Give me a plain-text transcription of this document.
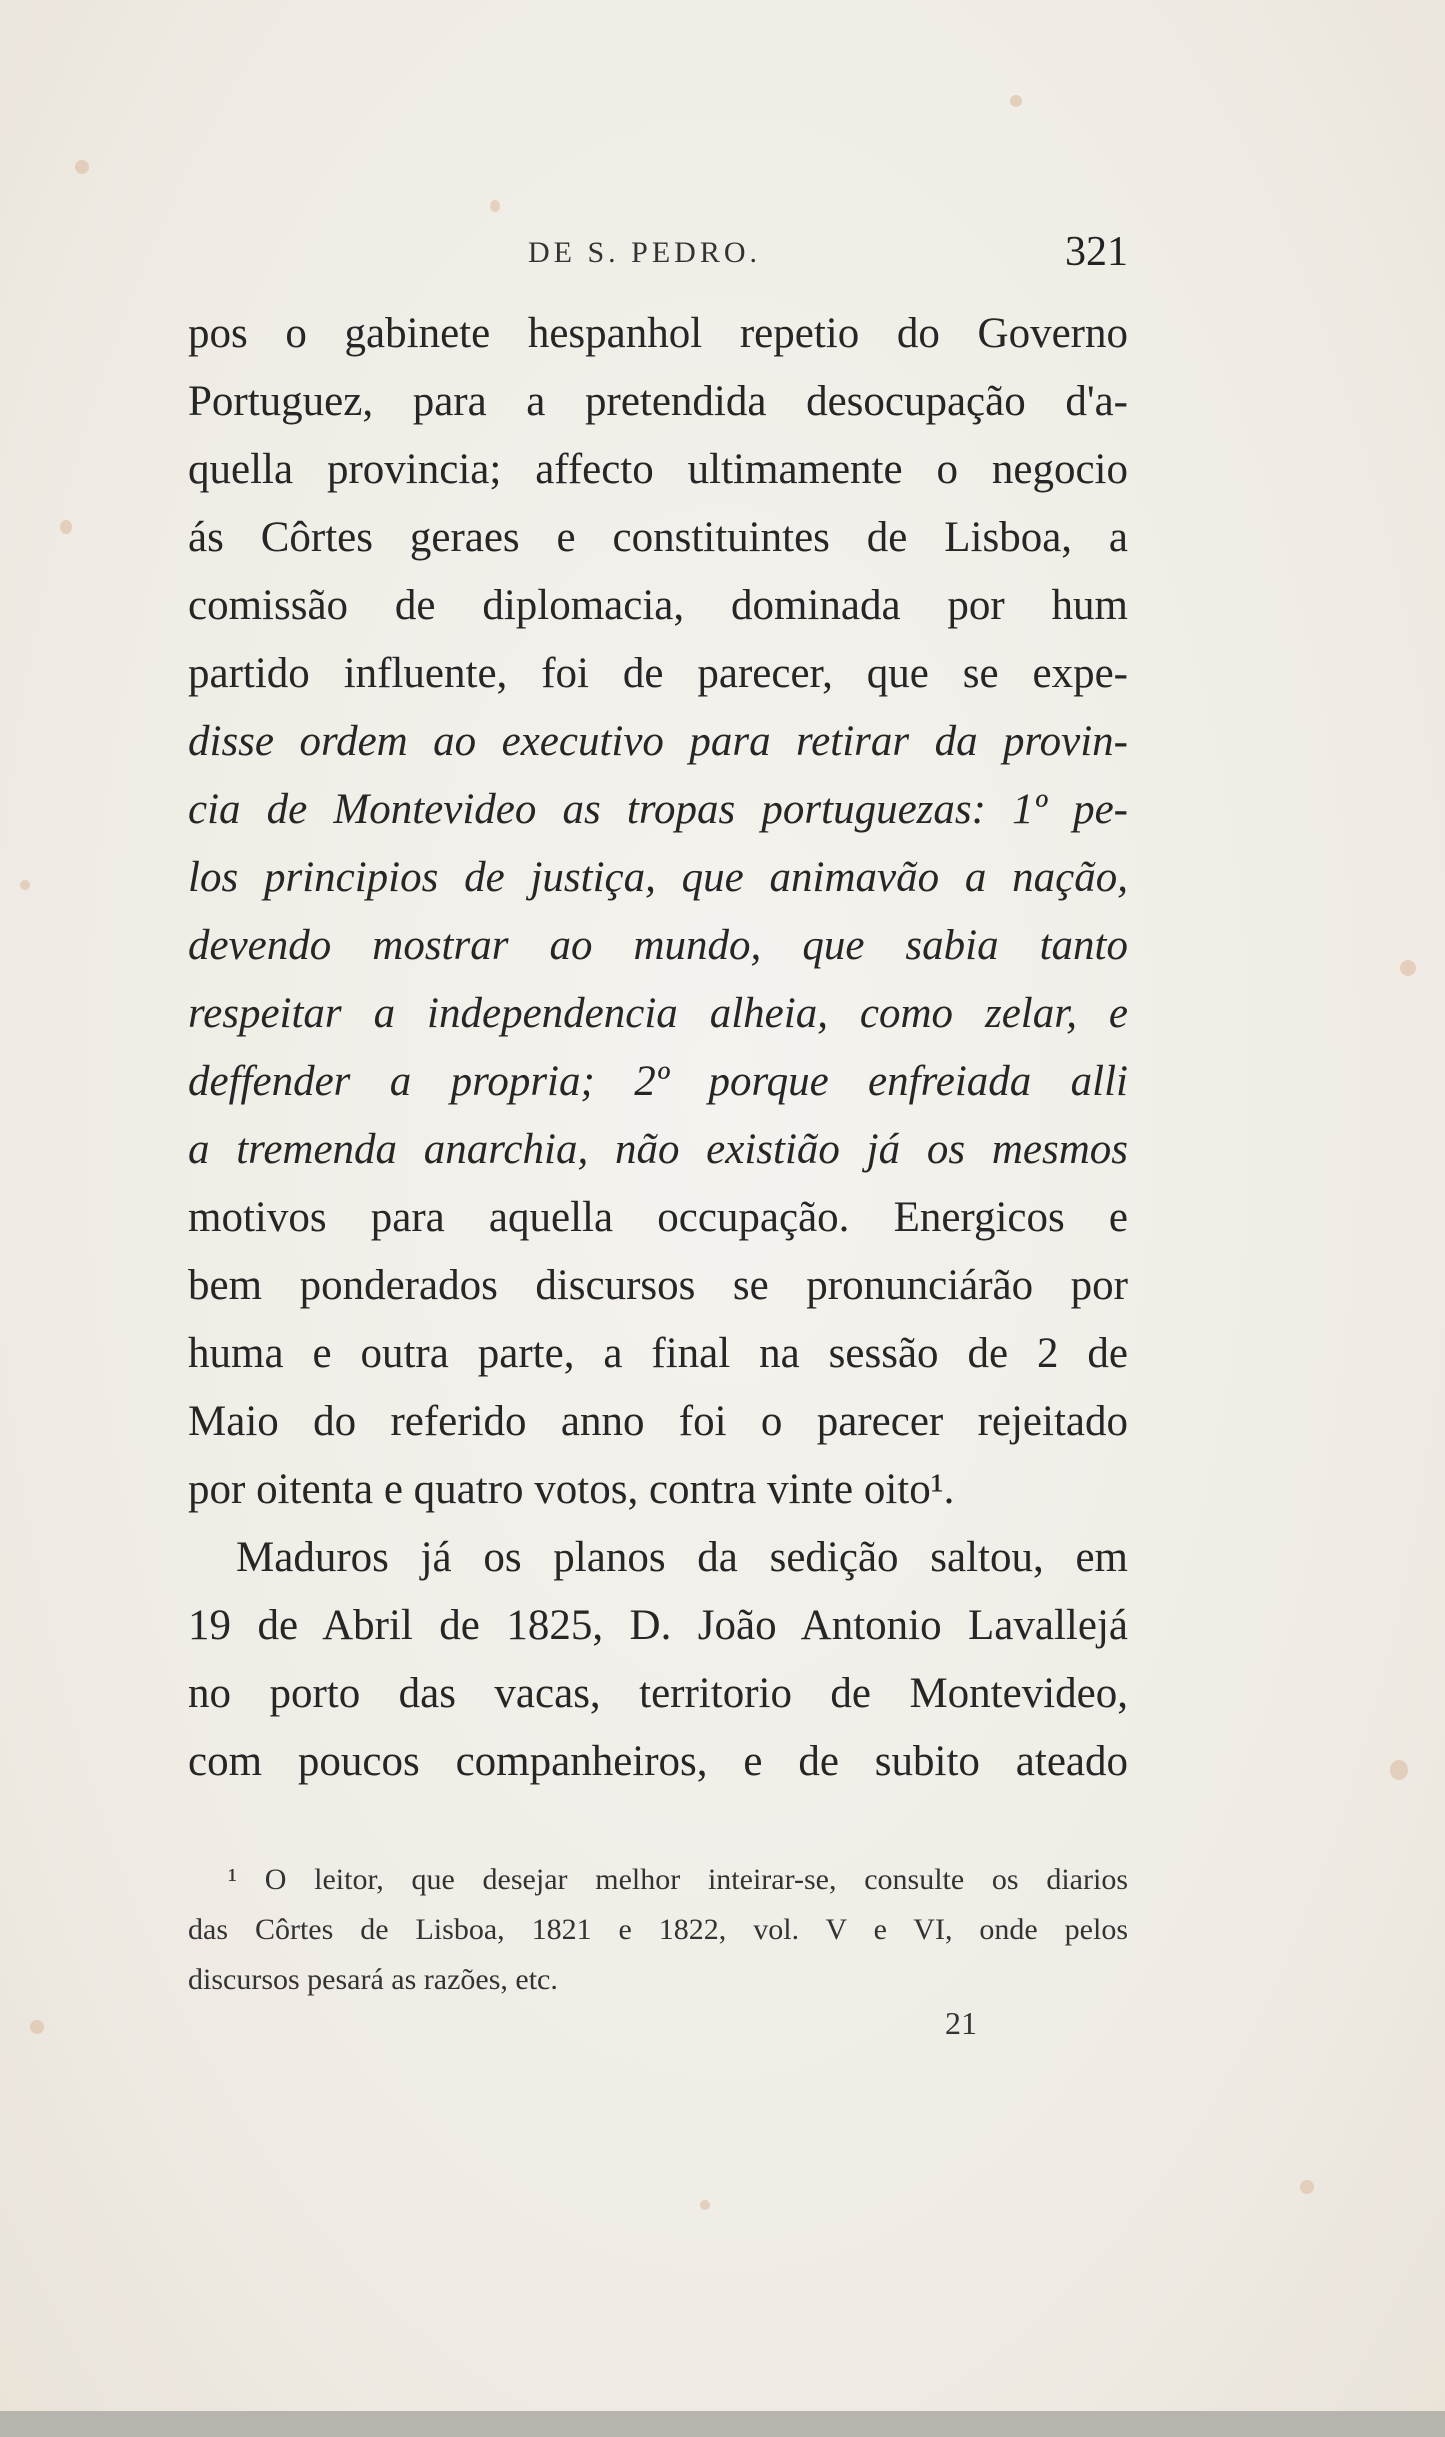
DE S. PEDRO.	321
pos o gabinete hespanhol repetio do Governo
Portuguez, para a pretendida desocupação d'a-
quella provincia; affecto ultimamente o negocio
ás Côrtes geraes e constituintes de Lisboa, a
comissão de diplomacia, dominada por hum
partido influente, foi de parecer, que se expe-
disse ordem ao executivo para retirar da provin-
cia de Montevideo as tropas portuguezas: 1º pe-
los principios de justiça, que animavão a nação,
devendo mostrar ao mundo, que sabia tanto
respeitar a independencia alheia, como zelar, e
deffender a propria; 2º porque enfreiada alli
a tremenda anarchia, não existião já os mesmos
motivos para aquella occupação. Energicos e
bem ponderados discursos se pronunciárão por
huma e outra parte, a final na sessão de 2 de
Maio do referido anno foi o parecer rejeitado
por oitenta e quatro votos, contra vinte oito¹.
Maduros já os planos da sedição saltou, em
19 de Abril de 1825, D. João Antonio Lavallejá
no porto das vacas, territorio de Montevideo,
com poucos companheiros, e de subito ateado
¹ O leitor, que desejar melhor inteirar-se, consulte os diarios
das Côrtes de Lisboa, 1821 e 1822, vol. V e VI, onde pelos
discursos pesará as razões, etc.
21
